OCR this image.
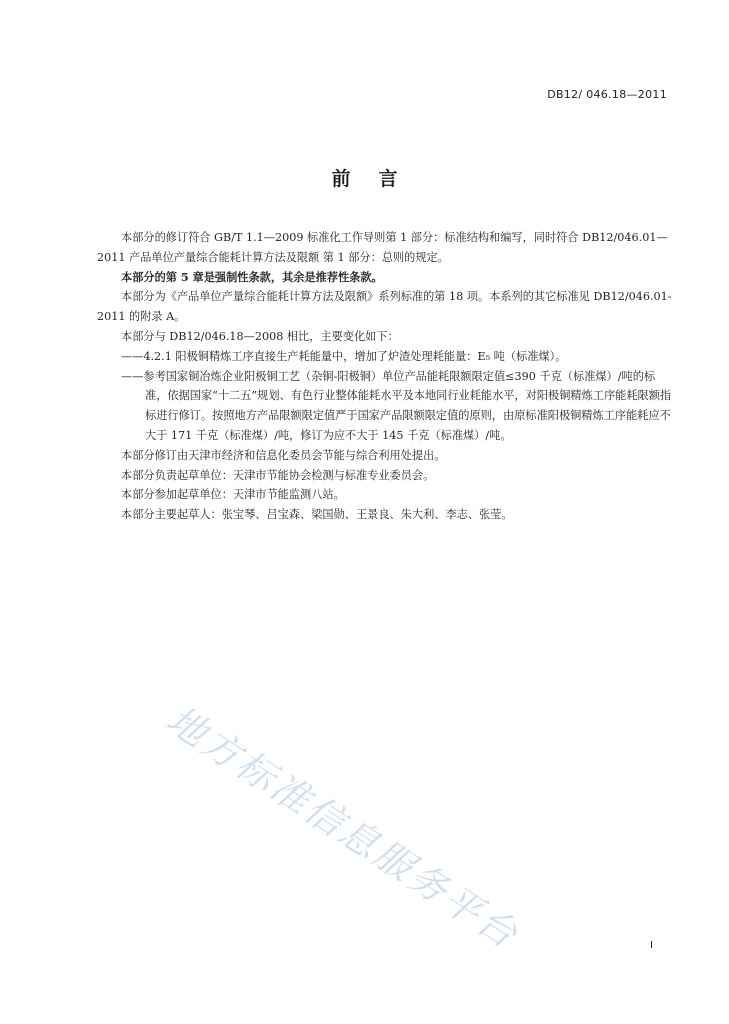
DB12/ 046.18—2011
前 言

本部分的修订符合 GB/T 1.1—2009 标准化工作导则第 1 部分：标准结构和编写，同时符合 DB12/046.01—2011 产品单位产量综合能耗计算方法及限额 第 1 部分：总则的规定。

本部分的第 5 章是强制性条款，其余是推荐性条款。

本部分为《产品单位产量综合能耗计算方法及限额》系列标准的第 18 项。本系列的其它标准见 DB12/046.01-2011 的附录 A。

本部分与 DB12/046.18—2008 相比，主要变化如下：

——4.2.1 阳极铜精炼工序直接生产耗能量中，增加了炉渣处理耗能量：E₅ 吨（标准煤）。

——参考国家铜冶炼企业阳极铜工艺（杂铜-阳极铜）单位产品能耗限额限定值≤390 千克（标准煤）/吨的标准，依据国家“十二五”规划、有色行业整体能耗水平及本地同行业耗能水平，对阳极铜精炼工序能耗限额指标进行修订。按照地方产品限额限定值严于国家产品限额限定值的原则，由原标准阳极铜精炼工序能耗应不大于 171 千克（标准煤）/吨，修订为应不大于 145 千克（标准煤）/吨。

本部分修订由天津市经济和信息化委员会节能与综合利用处提出。

本部分负责起草单位：天津市节能协会检测与标准专业委员会。

本部分参加起草单位：天津市节能监测八站。

本部分主要起草人：张宝琴、吕宝森、梁国勋、王景良、朱大利、李志、张莹。

地方标准信息服务平台	I
